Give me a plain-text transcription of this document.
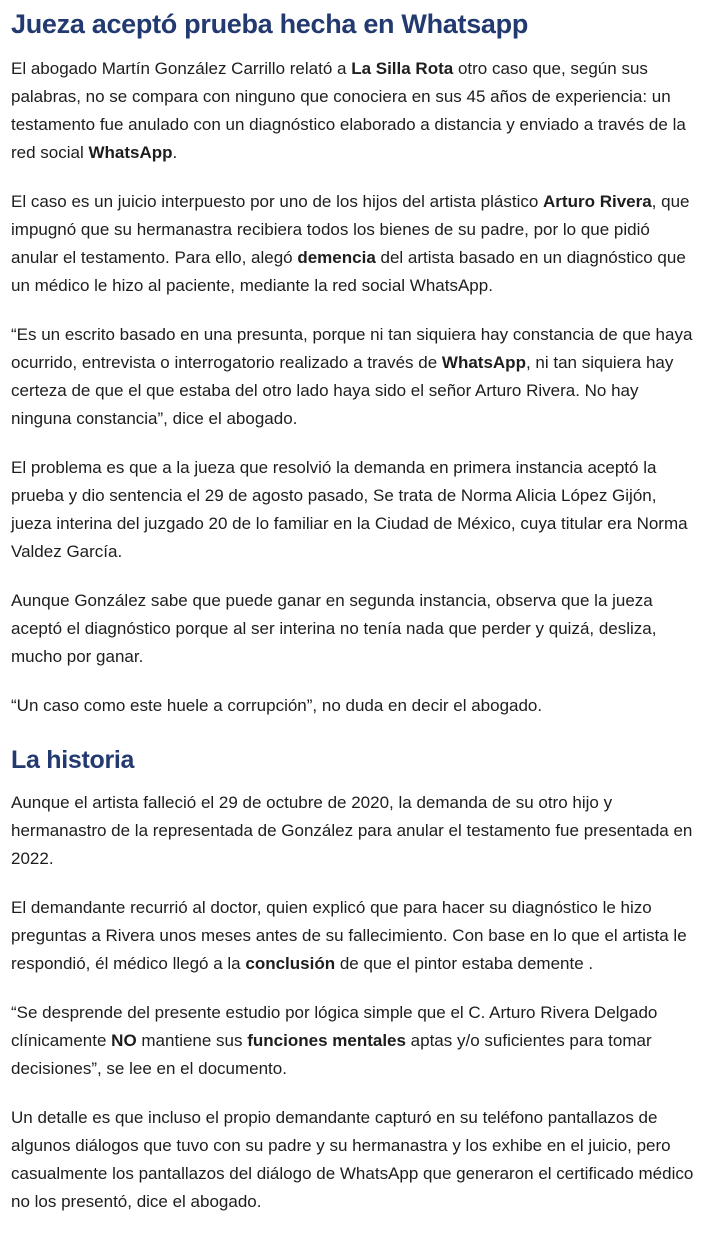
Jueza aceptó prueba hecha en Whatsapp

El abogado Martín González Carrillo relató a La Silla Rota otro caso que, según sus palabras, no se compara con ninguno que conociera en sus 45 años de experiencia: un testamento fue anulado con un diagnóstico elaborado a distancia y enviado a través de la red social WhatsApp.

El caso es un juicio interpuesto por uno de los hijos del artista plástico Arturo Rivera, que impugnó que su hermanastra recibiera todos los bienes de su padre, por lo que pidió anular el testamento. Para ello, alegó demencia del artista basado en un diagnóstico que un médico le hizo al paciente, mediante la red social WhatsApp.

“Es un escrito basado en una presunta, porque ni tan siquiera hay constancia de que haya ocurrido, entrevista o interrogatorio realizado a través de WhatsApp, ni tan siquiera hay certeza de que el que estaba del otro lado haya sido el señor Arturo Rivera. No hay ninguna constancia”, dice el abogado.

El problema es que a la jueza que resolvió la demanda en primera instancia aceptó la prueba y dio sentencia el 29 de agosto pasado, Se trata de Norma Alicia López Gijón, jueza interina del juzgado 20 de lo familiar en la Ciudad de México, cuya titular era Norma Valdez García.

Aunque González sabe que puede ganar en segunda instancia, observa que la jueza aceptó el diagnóstico porque al ser interina no tenía nada que perder y quizá, desliza, mucho por ganar.

“Un caso como este huele a corrupción”, no duda en decir el abogado.

La historia

Aunque el artista falleció el 29 de octubre de 2020, la demanda de su otro hijo y hermanastro de la representada de González para anular el testamento fue presentada en 2022.

El demandante recurrió al doctor, quien explicó que para hacer su diagnóstico le hizo preguntas a Rivera unos meses antes de su fallecimiento. Con base en lo que el artista le respondió, él médico llegó a la conclusión de que el pintor estaba demente .

“Se desprende del presente estudio por lógica simple que el C. Arturo Rivera Delgado clínicamente NO mantiene sus funciones mentales aptas y/o suficientes para tomar decisiones”, se lee en el documento.

Un detalle es que incluso el propio demandante capturó en su teléfono pantallazos de algunos diálogos que tuvo con su padre y su hermanastra y los exhibe en el juicio, pero casualmente los pantallazos del diálogo de WhatsApp que generaron el certificado médico no los presentó, dice el abogado.
